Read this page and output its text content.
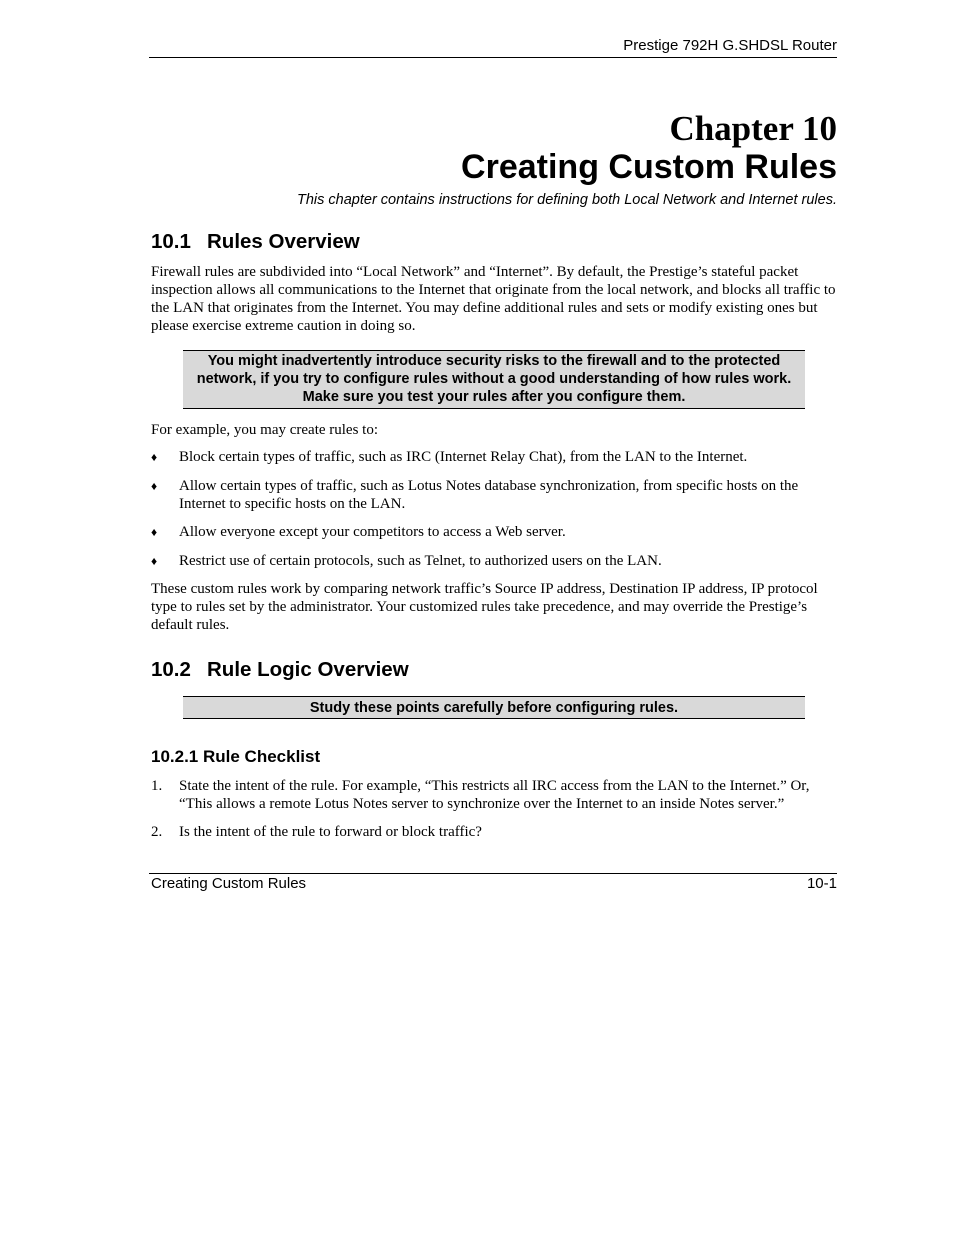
Prestige 792H G.SHDSL Router
Chapter 10
Creating Custom Rules
This chapter contains instructions for defining both Local Network and Internet rules.
10.1 Rules Overview

Firewall rules are subdivided into “Local Network” and “Internet”. By default, the Prestige’s stateful packet inspection allows all communications to the Internet that originate from the local network, and blocks all traffic to the LAN that originates from the Internet. You may define additional rules and sets or modify existing ones but please exercise extreme caution in doing so.

You might inadvertently introduce security risks to the firewall and to the protected network, if you try to configure rules without a good understanding of how rules work. Make sure you test your rules after you configure them.

For example, you may create rules to:

♦ Block certain types of traffic, such as IRC (Internet Relay Chat), from the LAN to the Internet.
♦ Allow certain types of traffic, such as Lotus Notes database synchronization, from specific hosts on the Internet to specific hosts on the LAN.
♦ Allow everyone except your competitors to access a Web server.
♦ Restrict use of certain protocols, such as Telnet, to authorized users on the LAN.

These custom rules work by comparing network traffic’s Source IP address, Destination IP address, IP protocol type to rules set by the administrator. Your customized rules take precedence, and may override the Prestige’s default rules.

10.2 Rule Logic Overview
Study these points carefully before configuring rules.
10.2.1 Rule Checklist
1. State the intent of the rule. For example, “This restricts all IRC access from the LAN to the Internet.” Or, “This allows a remote Lotus Notes server to synchronize over the Internet to an inside Notes server.”
2. Is the intent of the rule to forward or block traffic?
Creating Custom Rules	10-1
